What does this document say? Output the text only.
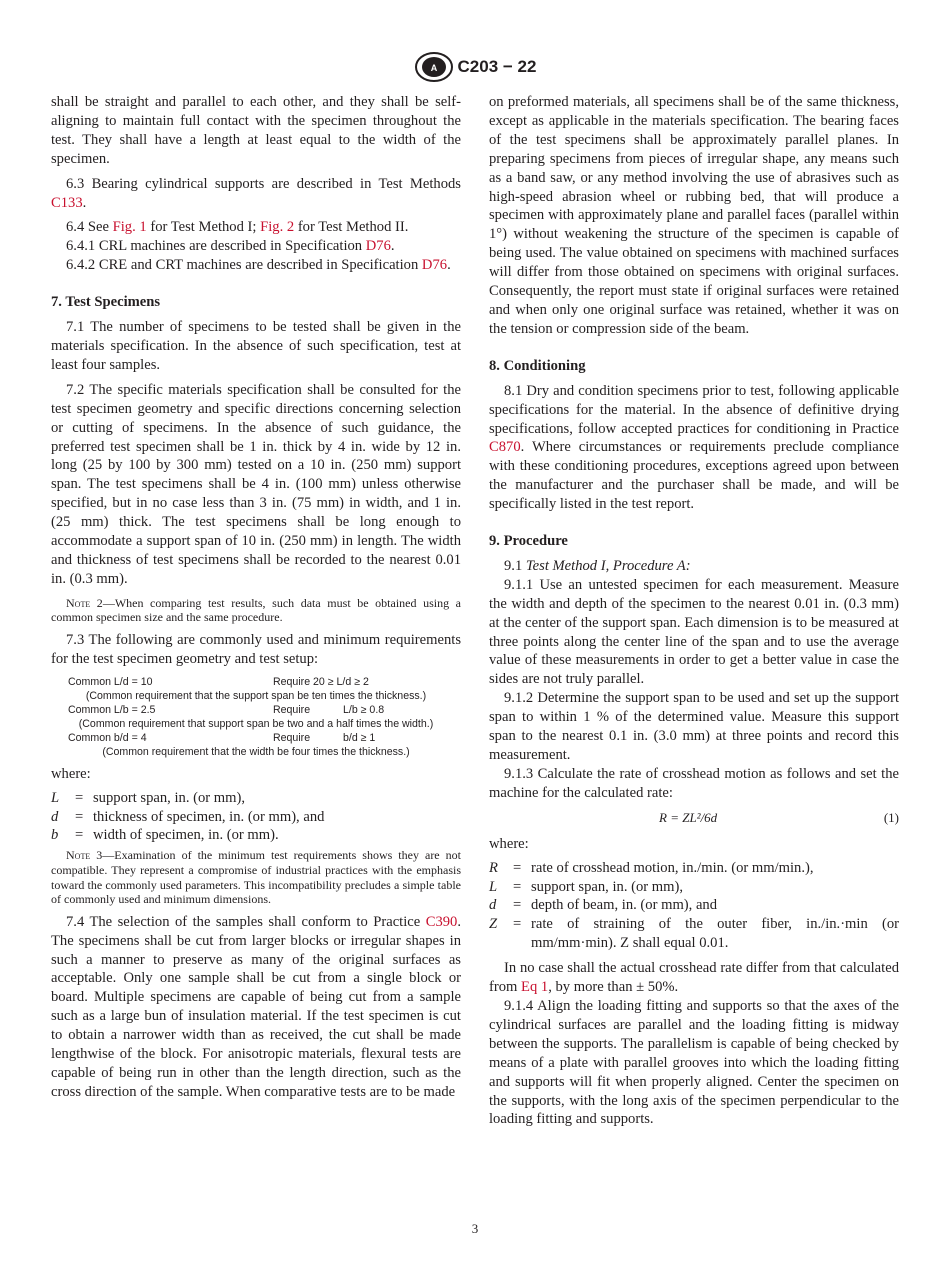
A C203 − 22

shall be straight and parallel to each other, and they shall be self-aligning to maintain full contact with the specimen throughout the test. They shall have a length at least equal to the width of the specimen.

6.3 Bearing cylindrical supports are described in Test Methods C133.

6.4 See Fig. 1 for Test Method I; Fig. 2 for Test Method II.

6.4.1 CRL machines are described in Specification D76.

6.4.2 CRE and CRT machines are described in Specification D76.

7. Test Specimens

7.1 The number of specimens to be tested shall be given in the materials specification. In the absence of such specification, test at least four samples.

7.2 The specific materials specification shall be consulted for the test specimen geometry and specific directions concerning selection or cutting of specimens. In the absence of such guidance, the preferred test specimen shall be 1 in. thick by 4 in. wide by 12 in. long (25 by 100 by 300 mm) tested on a 10 in. (250 mm) support span. The test specimens shall be 4 in. (100 mm) unless otherwise specified, but in no case less than 3 in. (75 mm) in width, and 1 in. (25 mm) thick. The test specimens shall be long enough to accommodate a support span of 10 in. (250 mm) in length. The width and thickness of test specimens shall be recorded to the nearest 0.01 in. (0.3 mm).

Note 2—When comparing test results, such data must be obtained using a common specimen size and the same procedure.

7.3 The following are commonly used and minimum requirements for the test specimen geometry and test setup:

Common L/d = 10	Require 20 ≥ L/d ≥ 2
(Common requirement that the support span be ten times the thickness.)
Common L/b = 2.5	Require	L/b ≥ 0.8
(Common requirement that support span be two and a half times the width.)
Common b/d = 4	Require	b/d ≥ 1
(Common requirement that the width be four times the thickness.)

where:

L	= support span, in. (or mm),
d	= thickness of specimen, in. (or mm), and
b	= width of specimen, in. (or mm).

Note 3—Examination of the minimum test requirements shows they are not compatible. They represent a compromise of industrial practices with the emphasis toward the commonly used parameters. This incompatibility precludes a simple table of commonly used and minimum dimensions.

7.4 The selection of the samples shall conform to Practice C390. The specimens shall be cut from larger blocks or irregular shapes in such a manner to preserve as many of the original surfaces as acceptable. Only one sample shall be cut from a single block or board. Multiple specimens are capable of being cut from a sample such as a large bun of insulation material. If the test specimen is cut to obtain a narrower width than as received, the cut shall be made lengthwise of the block. For anisotropic materials, flexural tests are capable of being run in other than the length direction, such as the cross direction of the sample. When comparative tests are to be made

on preformed materials, all specimens shall be of the same thickness, except as applicable in the materials specification. The bearing faces of the test specimens shall be approximately parallel planes. In preparing specimens from pieces of irregular shape, any means such as a band saw, or any method involving the use of abrasives such as high-speed abrasion wheel or rubbing bed, that will produce a specimen with approximately plane and parallel faces (parallel within 1°) without weakening the structure of the specimen is capable of being used. The value obtained on specimens with machined surfaces will differ from those obtained on specimens with original surfaces. Consequently, the report must state if original surfaces were retained and when only one original surface was retained, whether it was on the tension or compression side of the beam.

8. Conditioning

8.1 Dry and condition specimens prior to test, following applicable specifications for the material. In the absence of definitive drying specifications, follow accepted practices for conditioning in Practice C870. Where circumstances or requirements preclude compliance with these conditioning procedures, exceptions agreed upon between the manufacturer and the purchaser shall be made, and will be specifically listed in the test report.

9. Procedure

9.1 Test Method I, Procedure A:

9.1.1 Use an untested specimen for each measurement. Measure the width and depth of the specimen to the nearest 0.01 in. (0.3 mm) at the center of the support span. Each dimension is to be measured at three points along the center line of the span and to use the average value of these measurements in order to get a better value in case the sides are not truly parallel.

9.1.2 Determine the support span to be used and set up the support span to within 1 % of the determined value. Measure this support span to the nearest 0.1 in. (3.0 mm) at three points and record this measurement.

9.1.3 Calculate the rate of crosshead motion as follows and set the machine for the calculated rate:

R = ZL²/6d	(1)

where:

R	= rate of crosshead motion, in./min. (or mm/min.),
L	= support span, in. (or mm),
d	= depth of beam, in. (or mm), and
Z	= rate of straining of the outer fiber, in./in.·min (or mm/mm·min). Z shall equal 0.01.

In no case shall the actual crosshead rate differ from that calculated from Eq 1, by more than ± 50%.

9.1.4 Align the loading fitting and supports so that the axes of the cylindrical surfaces are parallel and the loading fitting is midway between the supports. The parallelism is capable of being checked by means of a plate with parallel grooves into which the loading fitting and supports will fit when properly aligned. Center the specimen on the supports, with the long axis of the specimen perpendicular to the loading fitting and supports.

3
